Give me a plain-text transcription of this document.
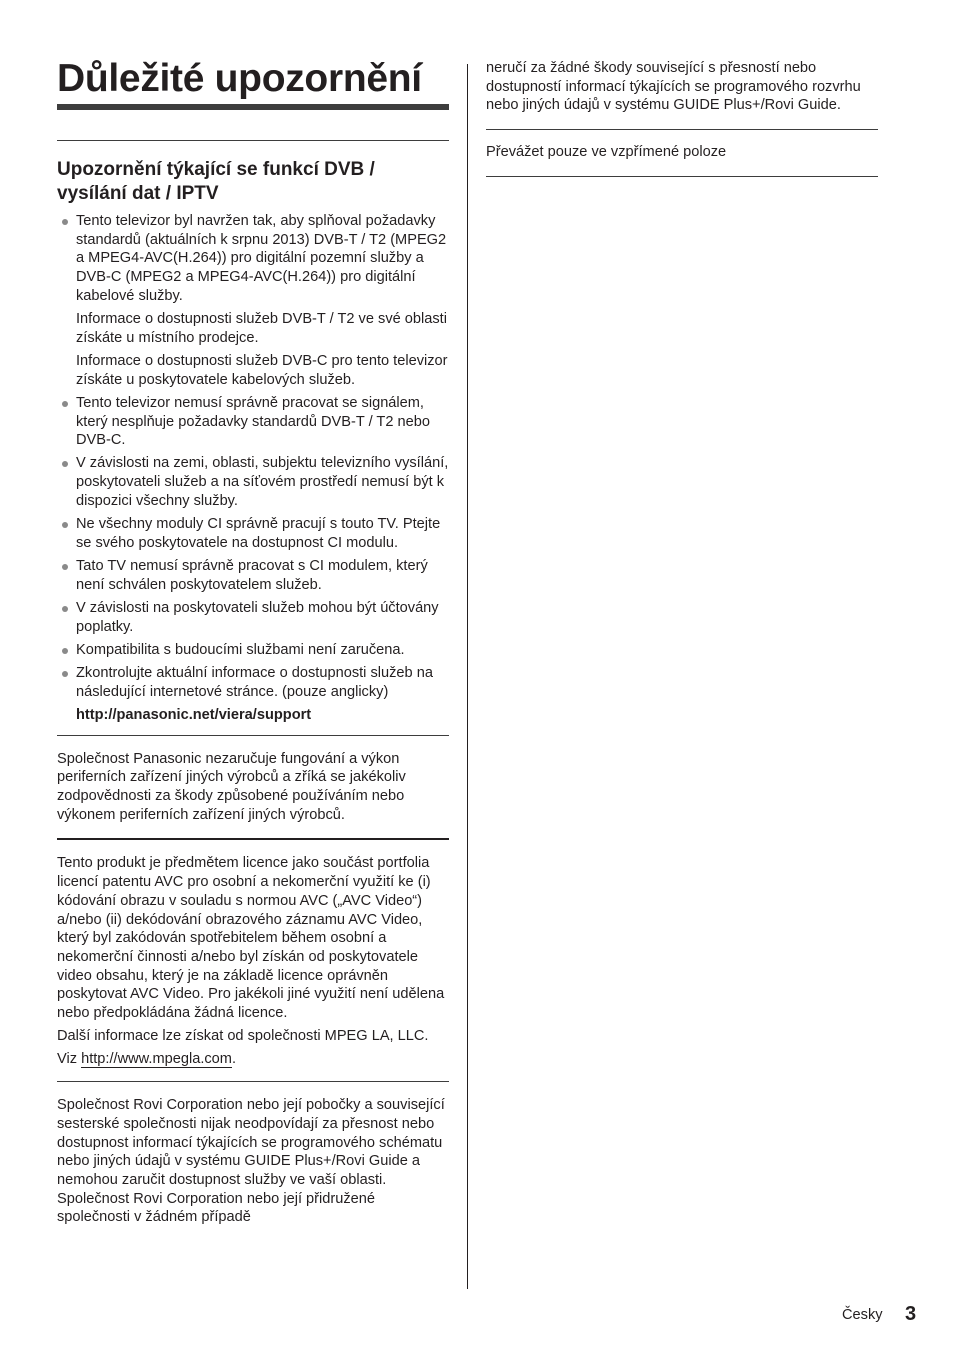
Důležité upozornění
Upozornění týkající se funkcí DVB /
vysílání dat / IPTV

Tento televizor byl navržen tak, aby splňoval požadavky standardů (aktuálních k srpnu 2013) DVB-T / T2 (MPEG2 a MPEG4-AVC(H.264)) pro digitální pozemní služby a DVB-C (MPEG2 a MPEG4-AVC(H.264)) pro digitální kabelové služby.

Informace o dostupnosti služeb DVB-T / T2 ve své oblasti získáte u místního prodejce.

Informace o dostupnosti služeb DVB-C pro tento televizor získáte u poskytovatele kabelových služeb.

Tento televizor nemusí správně pracovat se signálem, který nesplňuje požadavky standardů DVB-T / T2 nebo DVB-C.
V závislosti na zemi, oblasti, subjektu televizního vysílání, poskytovateli služeb a na síťovém prostředí nemusí být k dispozici všechny služby.
Ne všechny moduly CI správně pracují s touto TV. Ptejte se svého poskytovatele na dostupnost CI modulu.
Tato TV nemusí správně pracovat s CI modulem, který není schválen poskytovatelem služeb.
V závislosti na poskytovateli služeb mohou být účtovány poplatky.
Kompatibilita s budoucími službami není zaručena.

Zkontrolujte aktuální informace o dostupnosti služeb na následující internetové stránce. (pouze anglicky)

http://panasonic.net/viera/support

Společnost Panasonic nezaručuje fungování a výkon periferních zařízení jiných výrobců a zříká se jakékoliv zodpovědnosti za škody způsobené používáním nebo výkonem periferních zařízení jiných výrobců.

Tento produkt je předmětem licence jako součást portfolia licencí patentu AVC pro osobní a nekomerční využití ke (i) kódování obrazu v souladu s normou AVC („AVC Video“) a/nebo (ii) dekódování obrazového záznamu AVC Video, který byl zakódován spotřebitelem během osobní a nekomerční činnosti a/nebo byl získán od poskytovatele video obsahu, který je na základě licence oprávněn poskytovat AVC Video. Pro jakékoli jiné využití není udělena nebo předpokládána žádná licence.

Další informace lze získat od společnosti MPEG LA, LLC.

Viz http://www.mpegla.com.

Společnost Rovi Corporation nebo její pobočky a související sesterské společnosti nijak neodpovídají za přesnost nebo dostupnost informací týkajících se programového schématu nebo jiných údajů v systému GUIDE Plus+/Rovi Guide a nemohou zaručit dostupnost služby ve vaší oblasti. Společnost Rovi Corporation nebo její přidružené společnosti v žádném případě

neručí za žádné škody související s přesností nebo dostupností informací týkajících se programového rozvrhu nebo jiných údajů v systému GUIDE Plus+/Rovi Guide.

Převážet pouze ve vzpřímené poloze

Česky 3
